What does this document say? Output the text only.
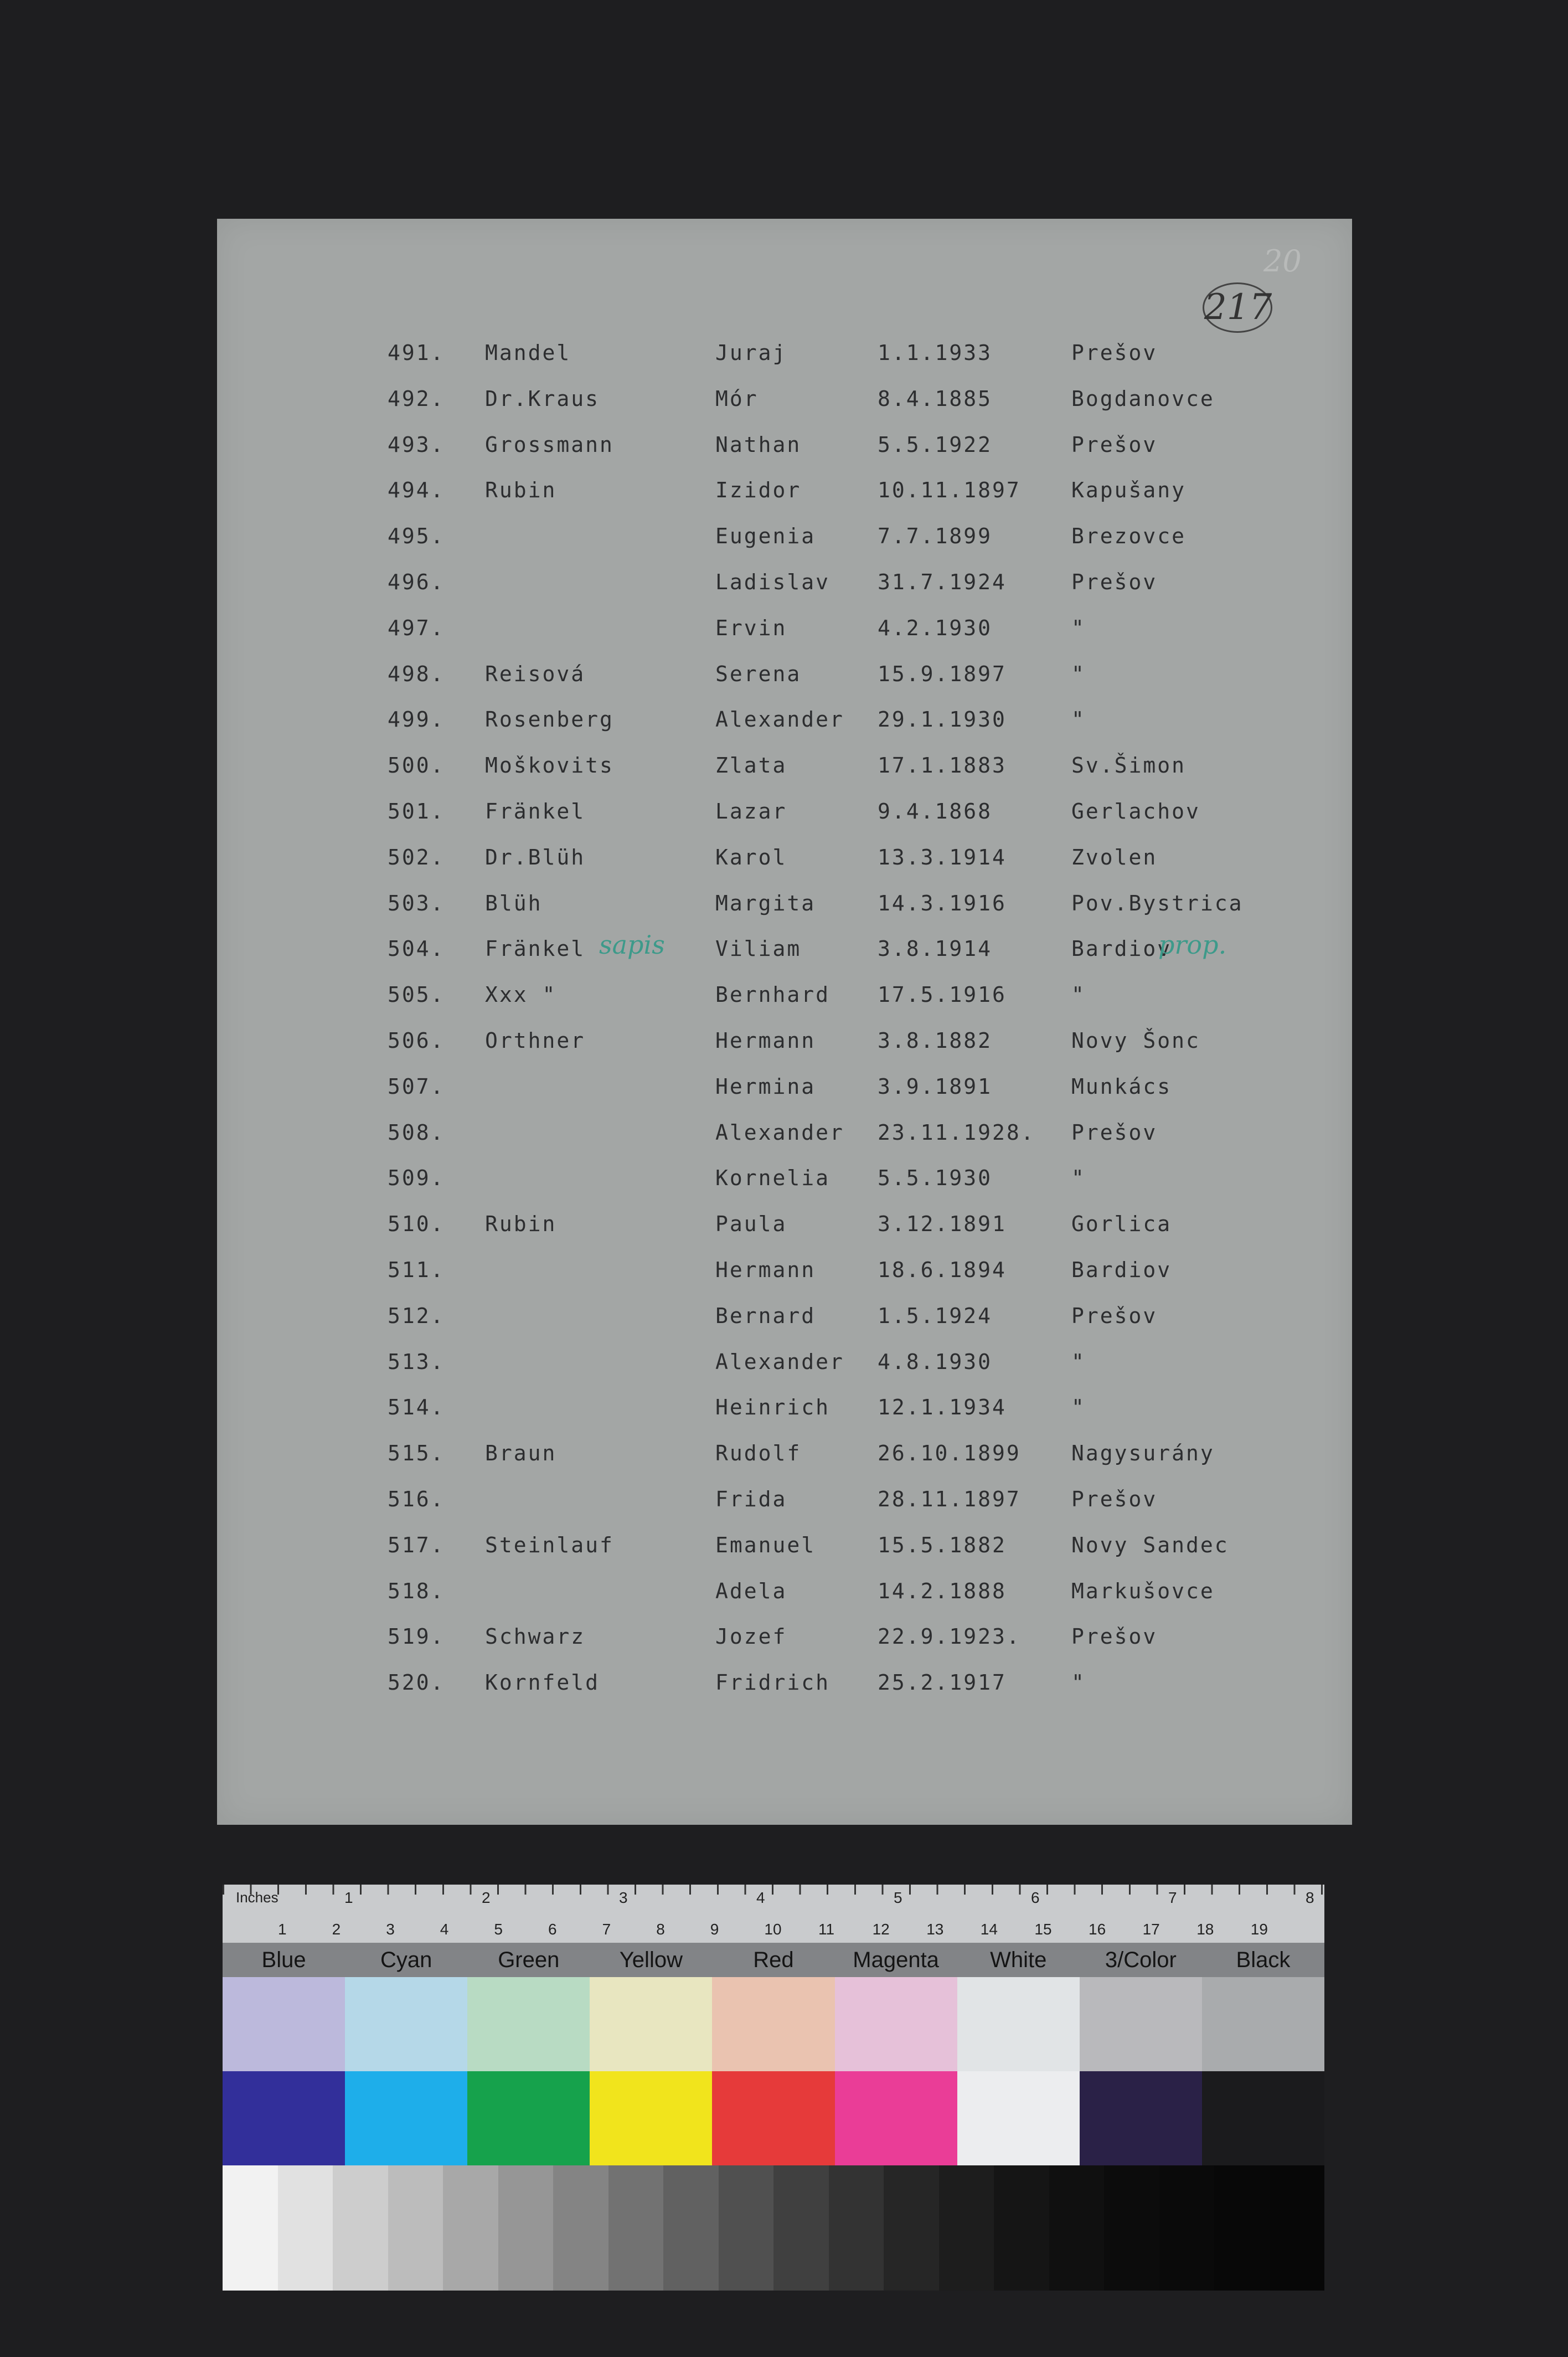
20
217
491. Mandel	Juraj	1.1.1933	Prešov
492. Dr.Kraus	Mór	8.4.1885	Bogdanovce
493. Grossmann	Nathan	5.5.1922	Prešov
494. Rubin	Izidor	10.11.1897 Kapušany
495.	Eugenia	7.7.1899	Brezovce
496.	Ladislav 31.7.1924	Prešov
497.	Ervin	4.2.1930	"
498. Reisová	Serena	15.9.1897	"
499. Rosenberg	Alexander 29.1.1930	"
500. Moškovits	Zlata	17.1.1883	Sv.Šimon
501. Fränkel	Lazar	9.4.1868	Gerlachov
502. Dr.Blüh	Karol	13.3.1914	Zvolen
503. Blüh	Margita	14.3.1916	Pov.Bystrica
504. Fränkel	Viliam	3.8.1914	Bardiov
sapis	prop.
505. Xxx "	Bernhard 17.5.1916	"
506. Orthner	Hermann	3.8.1882	Novy Šonc
507.	Hermina	3.9.1891	Munkács
508.	Alexander 23.11.1928. Prešov
509.	Kornelia 5.5.1930	"
510. Rubin	Paula	3.12.1891	Gorlica
511.	Hermann	18.6.1894	Bardiov
512.	Bernard	1.5.1924	Prešov
513.	Alexander 4.8.1930	"
514.	Heinrich 12.1.1934	"
515. Braun	Rudolf	26.10.1899 Nagysurány
516.	Frida	28.11.1897 Prešov
517. Steinlauf	Emanuel	15.5.1882	Novy Sandec
518.	Adela	14.2.1888	Markušovce
519. Schwarz	Jozef	22.9.1923. Prešov
520. Kornfeld	Fridrich 25.2.1917	"
Inches	1	2	3	4	5	6	7	8
1	2	3	4	5	6	7	8	9	10 11 12 13 14 15 16 17 18 19
Blue	Cyan	Green	Yellow	Red	Magenta	White	3/Color	Black
